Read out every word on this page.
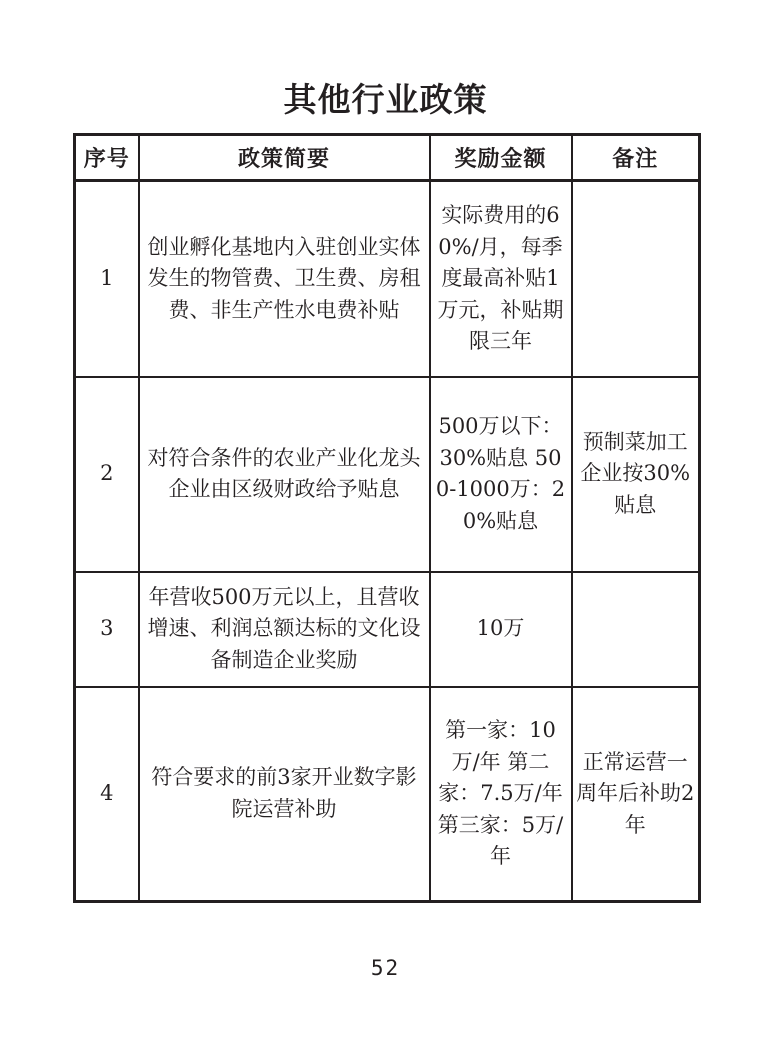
其他行业政策
序号	政策简要	奖励金额	备注
1	创业孵化基地内入驻创业实体发生的物管费、卫生费、房租费、非生产性水电费补贴	实际费用的60%/月，每季度最高补贴1万元，补贴期限三年	
2	对符合条件的农业产业化龙头企业由区级财政给予贴息	500万以下：30%贴息 500-1000万：20%贴息	预制菜加工企业按30%贴息
3	年营收500万元以上，且营收增速、利润总额达标的文化设备制造企业奖励	10万	
4	符合要求的前3家开业数字影院运营补助	第一家：10万/年 第二家：7.5万/年 第三家：5万/年	正常运营一周年后补助2年
52
